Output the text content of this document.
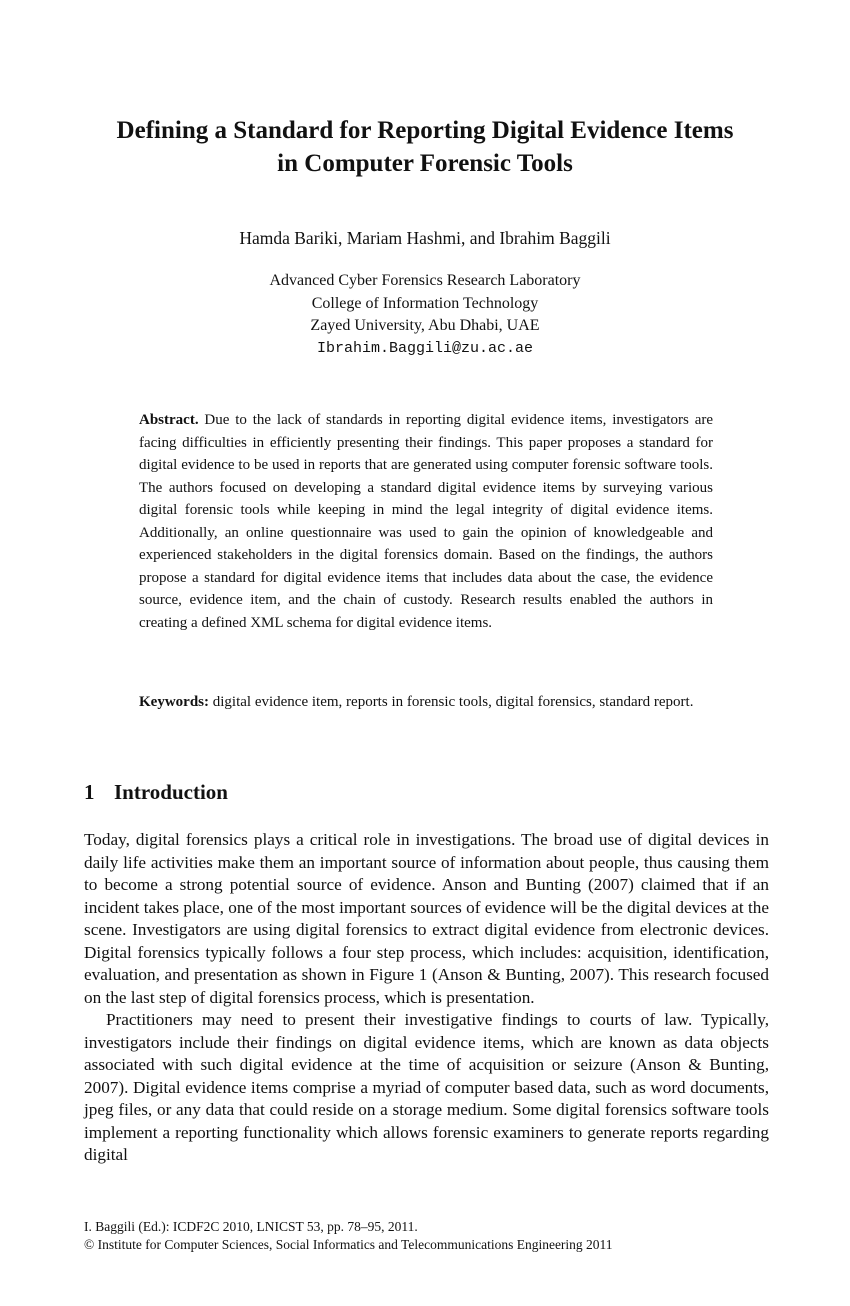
Defining a Standard for Reporting Digital Evidence Items
in Computer Forensic Tools
Hamda Bariki, Mariam Hashmi, and Ibrahim Baggili
Advanced Cyber Forensics Research Laboratory
College of Information Technology
Zayed University, Abu Dhabi, UAE
Ibrahim.Baggili@zu.ac.ae

Abstract. Due to the lack of standards in reporting digital evidence items, investigators are facing difficulties in efficiently presenting their findings. This paper proposes a standard for digital evidence to be used in reports that are generated using computer forensic software tools. The authors focused on developing a standard digital evidence items by surveying various digital forensic tools while keeping in mind the legal integrity of digital evidence items. Additionally, an online questionnaire was used to gain the opinion of knowledgeable and experienced stakeholders in the digital forensics domain. Based on the findings, the authors propose a standard for digital evidence items that includes data about the case, the evidence source, evidence item, and the chain of custody. Research results enabled the authors in creating a defined XML schema for digital evidence items.

Keywords: digital evidence item, reports in forensic tools, digital forensics, standard report.

1 Introduction

Today, digital forensics plays a critical role in investigations. The broad use of digital devices in daily life activities make them an important source of information about people, thus causing them to become a strong potential source of evidence. Anson and Bunting (2007) claimed that if an incident takes place, one of the most important sources of evidence will be the digital devices at the scene. Investigators are using digital forensics to extract digital evidence from electronic devices. Digital forensics typically follows a four step process, which includes: acquisition, identification, evaluation, and presentation as shown in Figure 1 (Anson & Bunting, 2007). This research focused on the last step of digital forensics process, which is presentation.

Practitioners may need to present their investigative findings to courts of law. Typically, investigators include their findings on digital evidence items, which are known as data objects associated with such digital evidence at the time of acquisition or seizure (Anson & Bunting, 2007). Digital evidence items comprise a myriad of computer based data, such as word documents, jpeg files, or any data that could reside on a storage medium. Some digital forensics software tools implement a reporting functionality which allows forensic examiners to generate reports regarding digital

I. Baggili (Ed.): ICDF2C 2010, LNICST 53, pp. 78–95, 2011.
© Institute for Computer Sciences, Social Informatics and Telecommunications Engineering 2011
